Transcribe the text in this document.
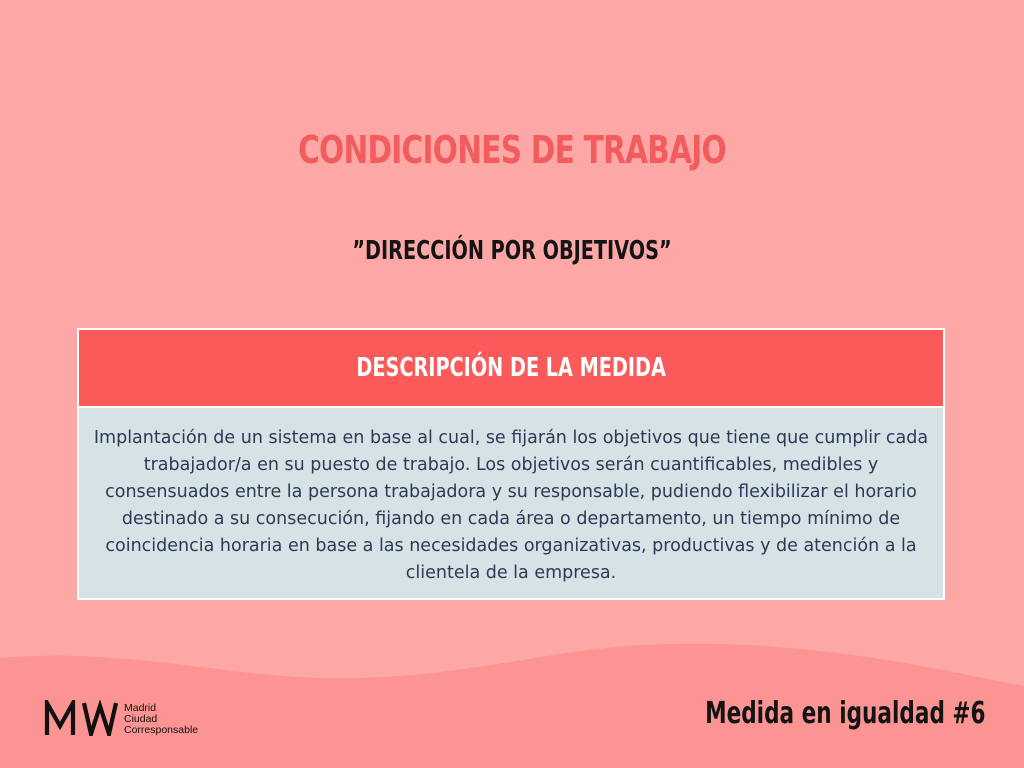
CONDICIONES DE TRABAJO
”DIRECCIÓN POR OBJETIVOS”
DESCRIPCIÓN DE LA MEDIDA
Implantación de un sistema en base al cual, se fijarán los objetivos que tiene que cumplir cada trabajador/a en su puesto de trabajo. Los objetivos serán cuantificables, medibles y consensuados entre la persona trabajadora y su responsable, pudiendo flexibilizar el horario destinado a su consecución, fijando en cada área o departamento, un tiempo mínimo de coincidencia horaria en base a las necesidades organizativas, productivas y de atención a la clientela de la empresa.
Madrid
Ciudad
Corresponsable	Medida en igualdad #6
